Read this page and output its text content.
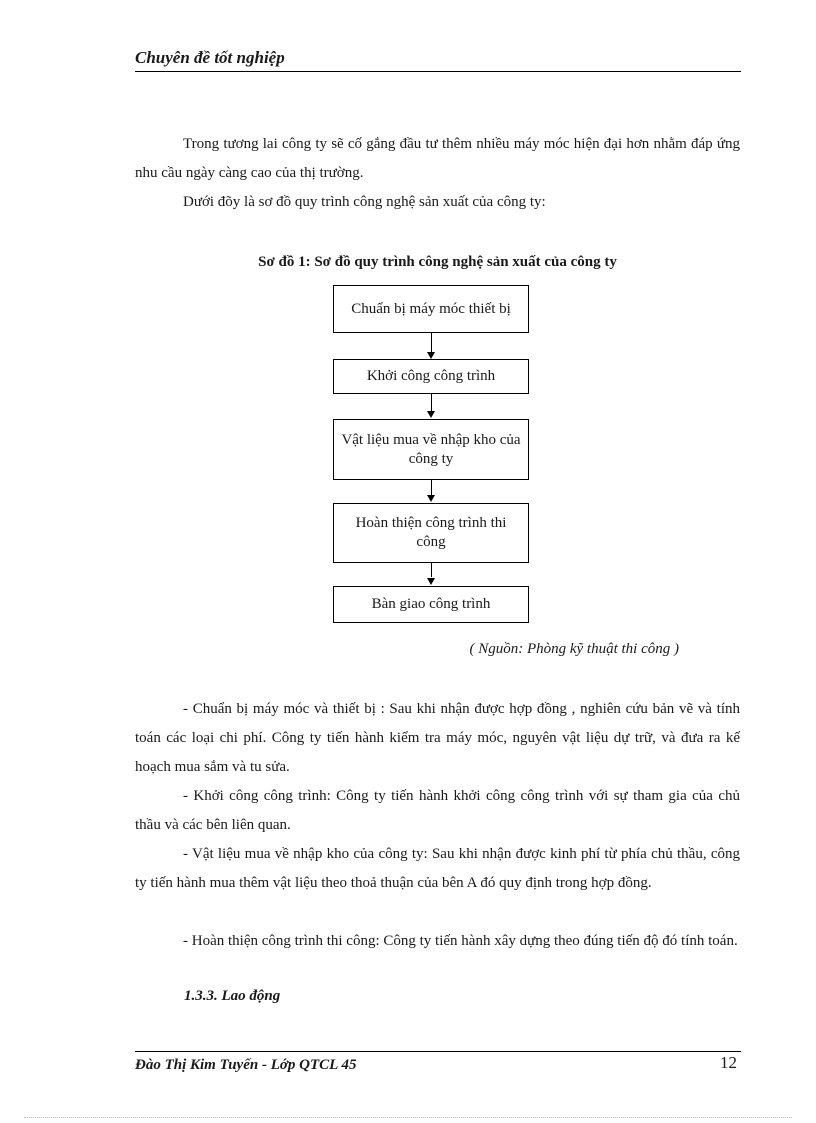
Chuyên đề tốt nghiệp
Trong tương lai công ty sẽ cố gắng đầu tư thêm nhiều máy móc hiện đại hơn nhằm đáp ứng nhu cầu ngày càng cao của thị trường.
Dưới đõy là sơ đồ quy trình công nghệ sản xuất của công ty:
Sơ đồ 1: Sơ đồ quy trình công nghệ sản xuất của công ty
Chuẩn bị máy móc thiết bị
Khởi công công trình
Vật liệu mua về nhập kho của công ty
Hoàn thiện công trình thi công
Bàn giao công trình
( Nguồn: Phòng kỹ thuật thi công )
- Chuẩn bị máy móc và thiết bị : Sau khi nhận được hợp đồng , nghiên cứu bản vẽ và tính toán các loại chi phí. Công ty tiến hành kiểm tra máy móc, nguyên vật liệu dự trữ, và đưa ra kế hoạch mua sắm và tu sửa.
- Khởi công công trình: Công ty tiến hành khởi công công trình với sự tham gia của chủ thầu và các bên liên quan.
- Vật liệu mua về nhập kho của công ty: Sau khi nhận được kinh phí từ phía chủ thầu, công ty tiến hành mua thêm vật liệu theo thoả thuận của bên A đó quy định trong hợp đồng.
- Hoàn thiện công trình thi công: Công ty tiến hành xây dựng theo đúng tiến độ đó tính toán.
1.3.3. Lao động
Đào Thị Kim Tuyến - Lớp QTCL 45	12
